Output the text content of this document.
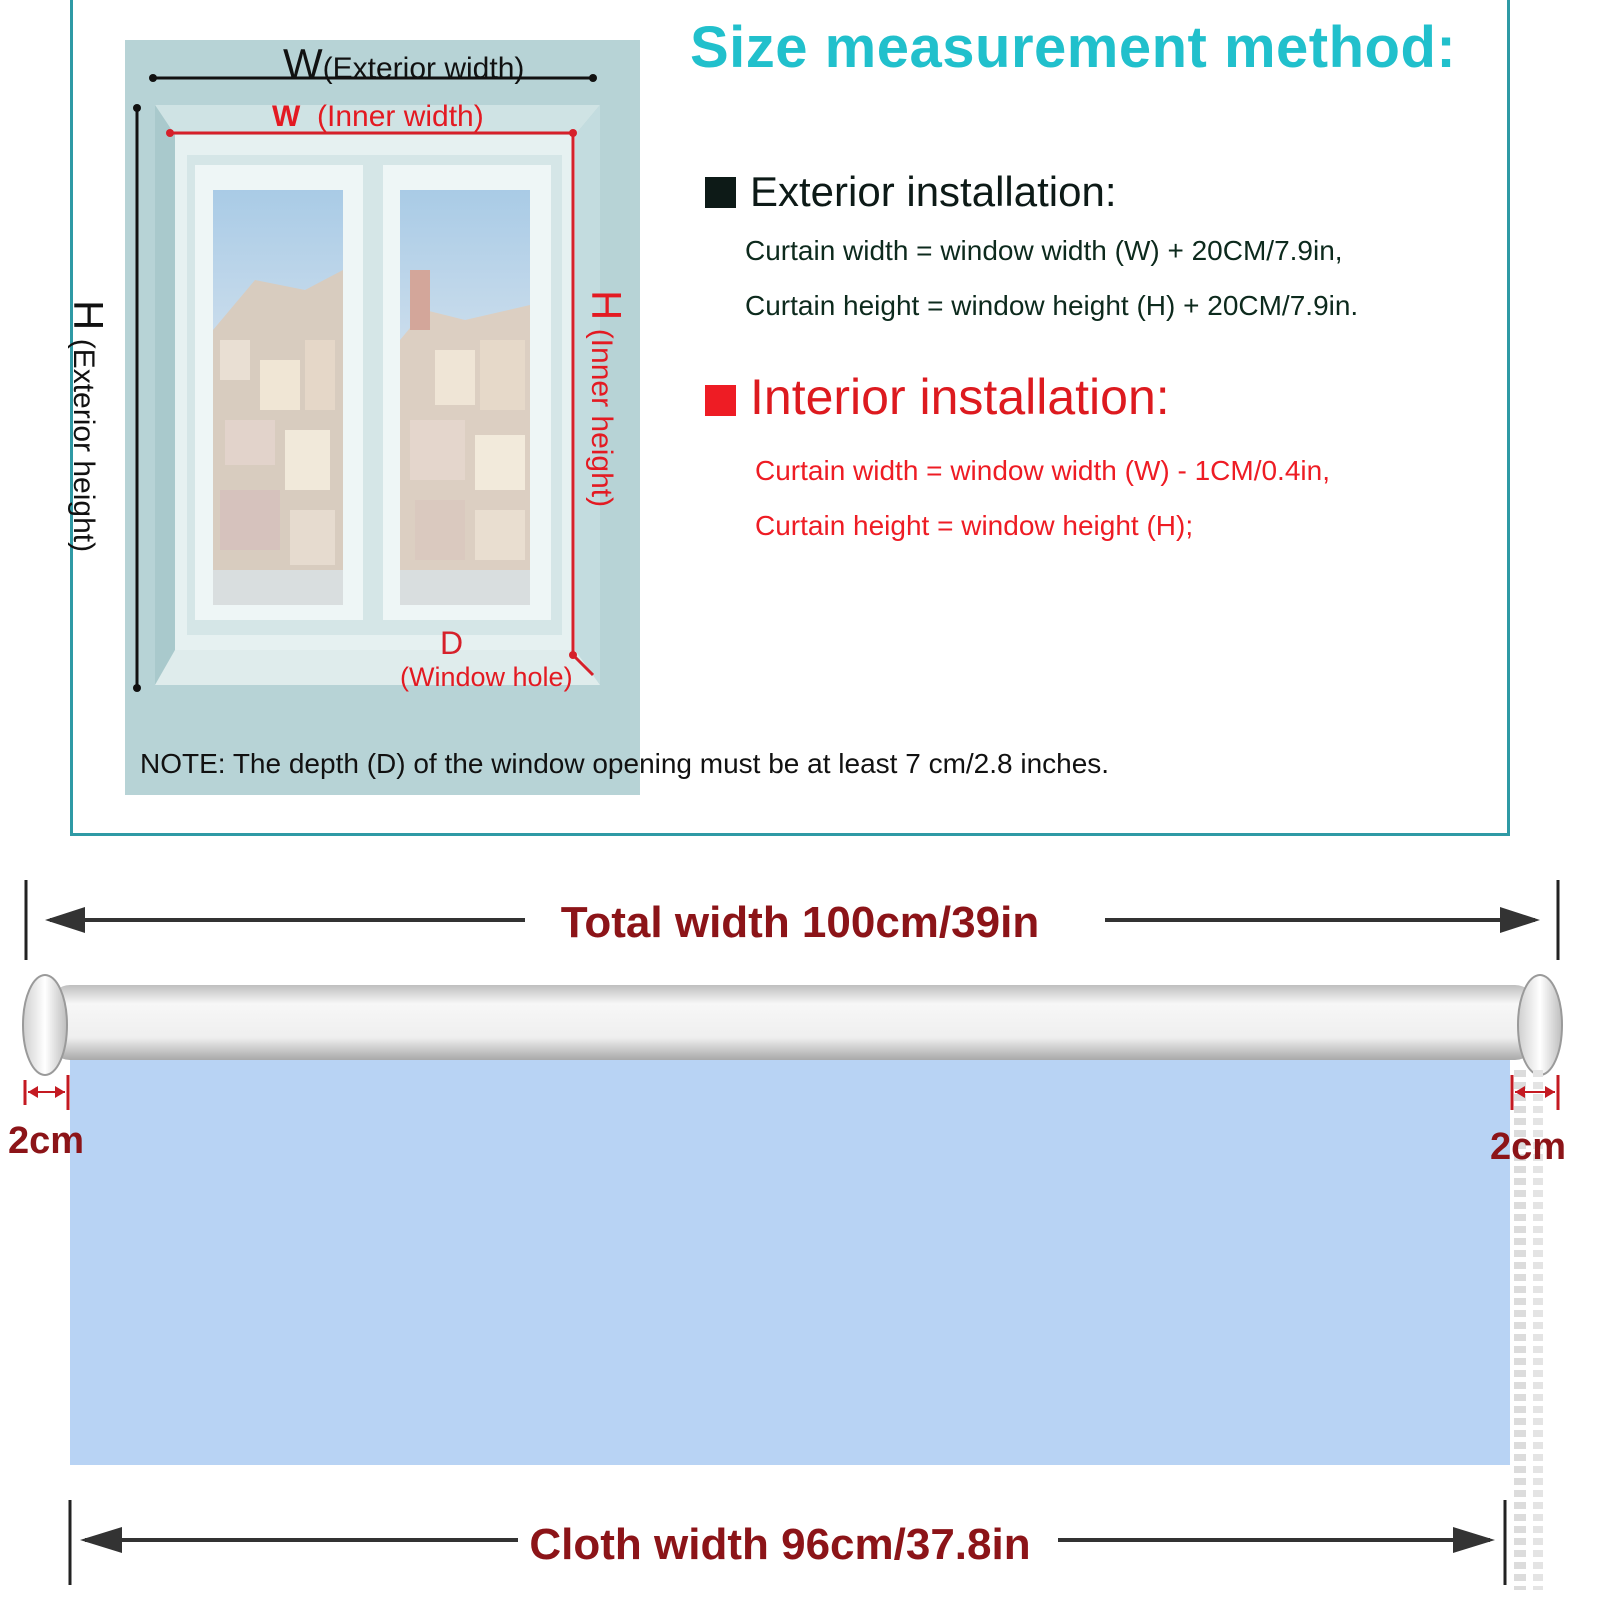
W(Exterior width)
W (Inner width)
H (Exterior height)
H (Inner height)
D
(Window hole)
Size measurement method:
Exterior installation:
Curtain width = window width (W) + 20CM/7.9in,
Curtain height = window height (H) + 20CM/7.9in.
Interior installation:
Curtain width = window width (W) - 1CM/0.4in,
Curtain height = window height (H);
NOTE: The depth (D) of the window opening must be at least 7 cm/2.8 inches.
Total width 100cm/39in
Cloth width 96cm/37.8in
2cm	2cm
